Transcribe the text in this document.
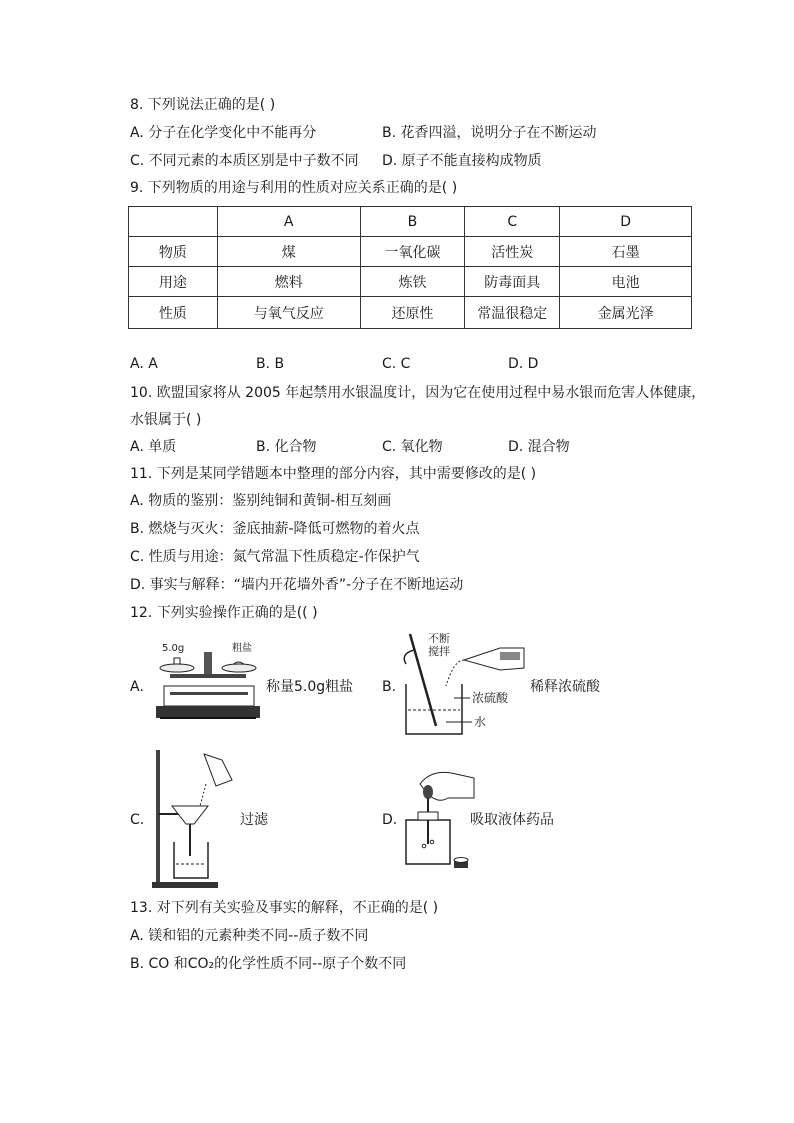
8. 下列说法正确的是( )
A. 分子在化学变化中不能再分	B. 花香四溢，说明分子在不断运动
C. 不同元素的本质区别是中子数不同 D. 原子不能直接构成物质
9. 下列物质的用途与利用的性质对应关系正确的是( )
	A	B	C	D
物质	煤	一氧化碳	活性炭	石墨
用途	燃料	炼铁	防毒面具	电池
性质	与氧气反应	还原性	常温很稳定	金属光泽
A. A	B. B	C. C	D. D
10. 欧盟国家将从 2005 年起禁用水银温度计，因为它在使用过程中易水银而危害人体健康，
水银属于( )
A. 单质	B. 化合物	C. 氧化物	D. 混合物
11. 下列是某同学错题本中整理的部分内容，其中需要修改的是( )
A. 物质的鉴别：鉴别纯铜和黄铜-相互刻画
B. 燃烧与灭火：釜底抽薪-降低可燃物的着火点
C. 性质与用途：氮气常温下性质稳定-作保护气
D. 事实与解释：“墙内开花墙外香”-分子在不断地运动
12. 下列实验操作正确的是(( )
A.
5.0g	粗盐
称量5.0g粗盐 B.
不断
搅拌
浓硫酸
水
稀释浓硫酸
C.	过滤	D.	吸取液体药品
13. 对下列有关实验及事实的解释，不正确的是( )
A. 镁和铝的元素种类不同--质子数不同
B. CO 和CO₂的化学性质不同--原子个数不同
